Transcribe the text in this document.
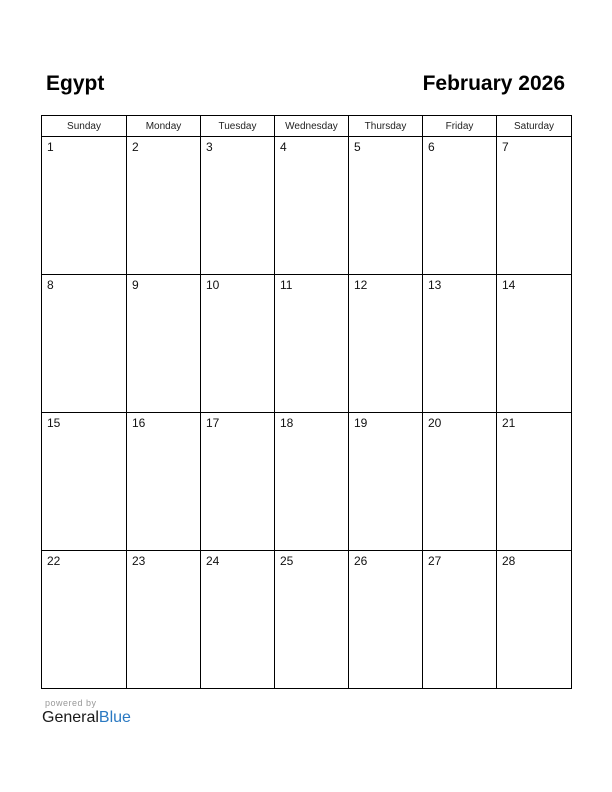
Egypt	February 2026
Sunday	Monday	Tuesday	Wednesday	Thursday	Friday	Saturday

1	2	3	4	5	6	7

8	9	10	11	12	13	14

15	16	17	18	19	20	21

22	23	24	25	26	27	28
powered by
GeneralBlue
